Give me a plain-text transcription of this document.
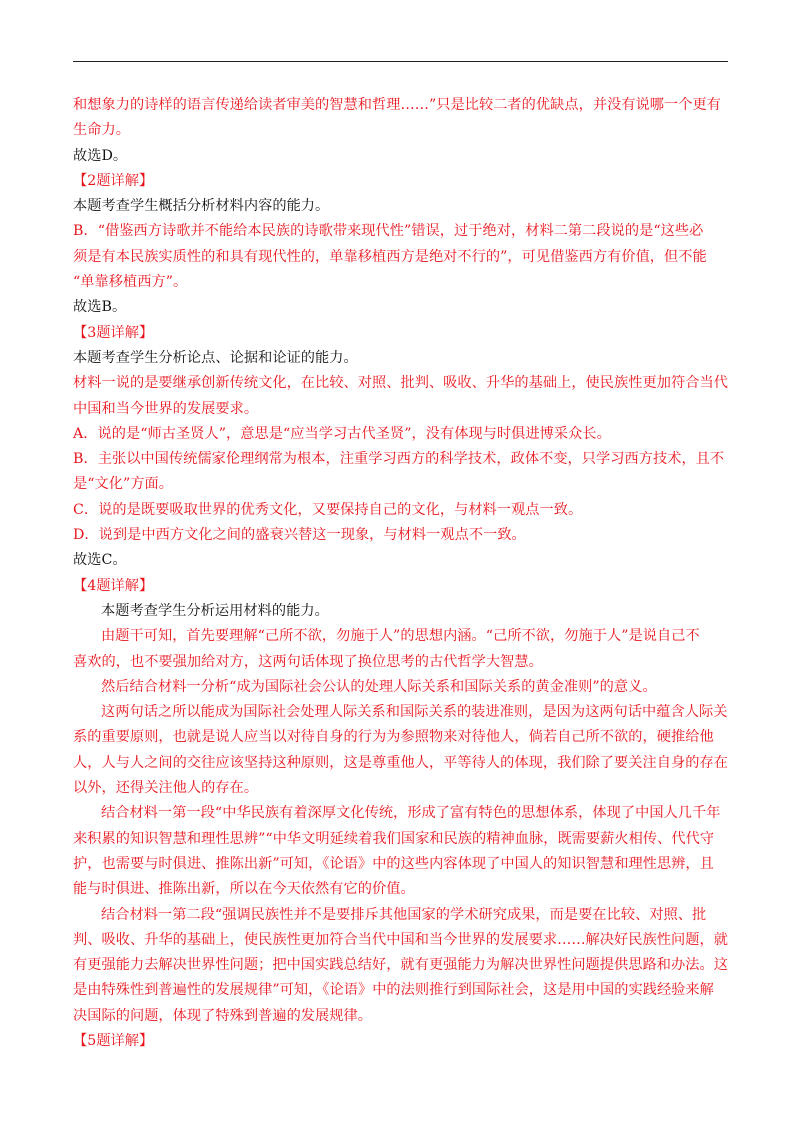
和想象力的诗样的语言传递给读者审美的智慧和哲理……”只是比较二者的优缺点，并没有说哪一个更有
生命力。
故选D。
【2题详解】
本题考查学生概括分析材料内容的能力。
B．“借鉴西方诗歌并不能给本民族的诗歌带来现代性”错误，过于绝对，材料二第二段说的是“这些必
须是有本民族实质性的和具有现代性的，单靠移植西方是绝对不行的”，可见借鉴西方有价值，但不能
“单靠移植西方”。
故选B。
【3题详解】
本题考查学生分析论点、论据和论证的能力。
材料一说的是要继承创新传统文化，在比较、对照、批判、吸收、升华的基础上，使民族性更加符合当代
中国和当今世界的发展要求。
A．说的是“师古圣贤人”，意思是“应当学习古代圣贤”，没有体现与时俱进博采众长。
B．主张以中国传统儒家伦理纲常为根本，注重学习西方的科学技术，政体不变，只学习西方技术，且不
是“文化”方面。
C．说的是既要吸取世界的优秀文化，又要保持自己的文化，与材料一观点一致。
D．说到是中西方文化之间的盛衰兴替这一现象，与材料一观点不一致。
故选C。
【4题详解】
本题考查学生分析运用材料的能力。
由题干可知，首先要理解“己所不欲，勿施于人”的思想内涵。“己所不欲，勿施于人”是说自己不
喜欢的，也不要强加给对方，这两句话体现了换位思考的古代哲学大智慧。
然后结合材料一分析“成为国际社会公认的处理人际关系和国际关系的黄金准则”的意义。
这两句话之所以能成为国际社会处理人际关系和国际关系的装进准则，是因为这两句话中蕴含人际关
系的重要原则，也就是说人应当以对待自身的行为为参照物来对待他人，倘若自己所不欲的，硬推给他
人，人与人之间的交往应该坚持这种原则，这是尊重他人，平等待人的体现，我们除了要关注自身的存在
以外，还得关注他人的存在。
结合材料一第一段“中华民族有着深厚文化传统，形成了富有特色的思想体系，体现了中国人几千年
来积累的知识智慧和理性思辨”“中华文明延续着我们国家和民族的精神血脉，既需要薪火相传、代代守
护，也需要与时俱进、推陈出新”可知，《论语》中的这些内容体现了中国人的知识智慧和理性思辨，且
能与时俱进、推陈出新，所以在今天依然有它的价值。
结合材料一第二段“强调民族性并不是要排斥其他国家的学术研究成果，而是要在比较、对照、批
判、吸收、升华的基础上，使民族性更加符合当代中国和当今世界的发展要求……解决好民族性问题，就
有更强能力去解决世界性问题；把中国实践总结好，就有更强能力为解决世界性问题提供思路和办法。这
是由特殊性到普遍性的发展规律”可知，《论语》中的法则推行到国际社会，这是用中国的实践经验来解
决国际的问题，体现了特殊到普遍的发展规律。
【5题详解】
